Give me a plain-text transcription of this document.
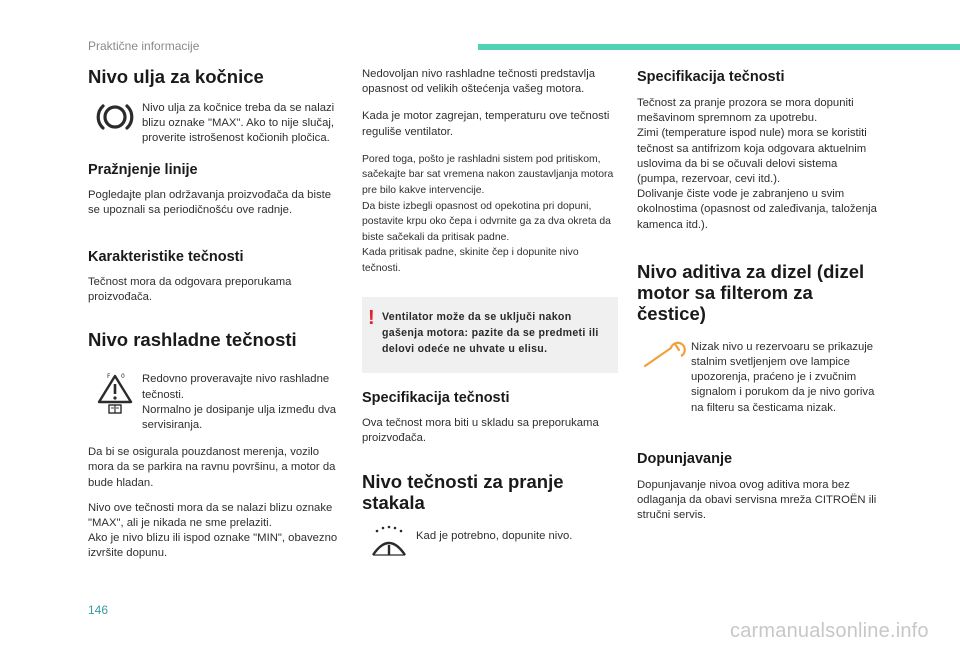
Praktične informacije
Nivo ulja za kočnice

Nivo ulja za kočnice treba da se nalazi blizu oznake "MAX". Ako to nije slučaj, proverite istrošenost kočionih pločica.

Pražnjenje linije

Pogledajte plan održavanja proizvođača da biste se upoznali sa periodičnošću ove radnje.

Karakteristike tečnosti

Tečnost mora da odgovara preporukama proizvođača.

Nivo rashladne tečnosti
F 0 Redovno proveravajte nivo rashladne tečnosti.
Normalno je dosipanje ulja između dva servisiranja.

Da bi se osigurala pouzdanost merenja, vozilo mora da se parkira na ravnu površinu, a motor da bude hladan.

Nivo ove tečnosti mora da se nalazi blizu oznake "MAX", ali je nikada ne sme prelaziti.
Ako je nivo blizu ili ispod oznake "MIN", obavezno izvršite dopunu.

Nedovoljan nivo rashladne tečnosti predstavlja opasnost od velikih oštećenja vašeg motora.

Kada je motor zagrejan, temperaturu ove tečnosti reguliše ventilator.

Pored toga, pošto je rashladni sistem pod pritiskom, sačekajte bar sat vremena nakon zaustavljanja motora pre bilo kakve intervencije.
Da biste izbegli opasnost od opekotina pri dopuni, postavite krpu oko čepa i odvrnite ga za dva okreta da biste sačekali da pritisak padne.
Kada pritisak padne, skinite čep i dopunite nivo tečnosti.

! Ventilator može da se uključi nakon gašenja motora: pazite da se predmeti ili delovi odeće ne uhvate u elisu.

Specifikacija tečnosti

Ova tečnost mora biti u skladu sa preporukama proizvođača.

Nivo tečnosti za pranje stakala

Kad je potrebno, dopunite nivo.

Specifikacija tečnosti

Tečnost za pranje prozora se mora dopuniti mešavinom spremnom za upotrebu.
Zimi (temperature ispod nule) mora se koristiti tečnost sa antifrizom koja odgovara aktuelnim uslovima da bi se očuvali delovi sistema (pumpa, rezervoar, cevi itd.).
Dolivanje čiste vode je zabranjeno u svim okolnostima (opasnost od zaleđivanja, taloženja kamenca itd.).

Nivo aditiva za dizel (dizel motor sa filterom za čestice)

Nizak nivo u rezervoaru se prikazuje stalnim svetljenjem ove lampice upozorenja, praćeno je i zvučnim signalom i porukom da je nivo goriva na filteru sa česticama nizak.

Dopunjavanje

Dopunjavanje nivoa ovog aditiva mora bez odlaganja da obavi servisna mreža CITROËN ili stručni servis.

146
carmanualsonline.info
